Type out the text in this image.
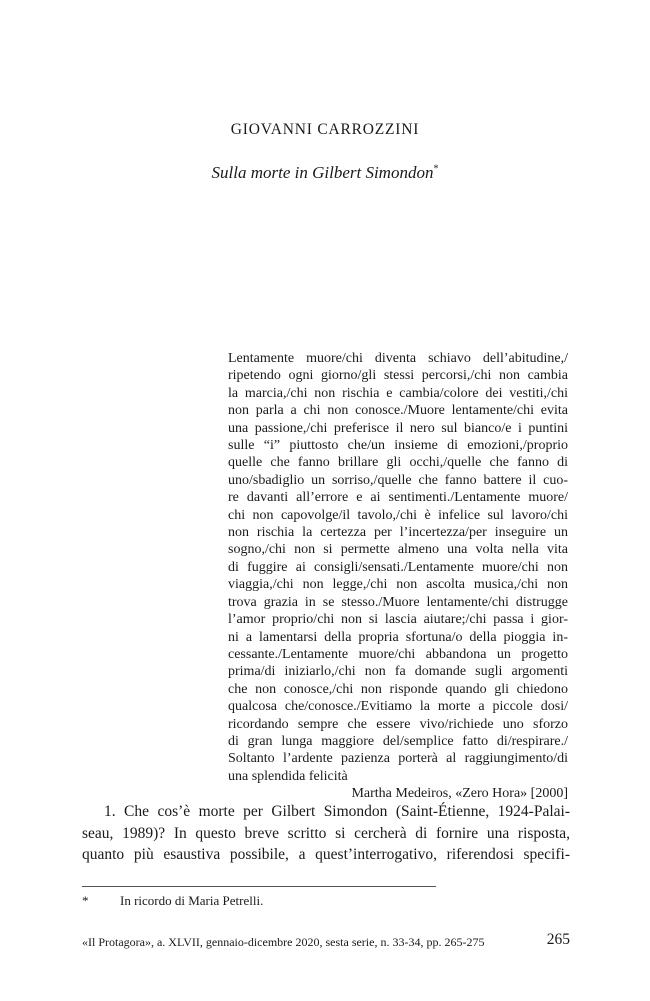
GIOVANNI CARROZZINI
Sulla morte in Gilbert Simondon*
Lentamente muore/chi diventa schiavo dell’abitudine,/
ripetendo ogni giorno/gli stessi percorsi,/chi non cambia
la marcia,/chi non rischia e cambia/colore dei vestiti,/chi
non parla a chi non conosce./Muore lentamente/chi evita
una passione,/chi preferisce il nero sul bianco/e i puntini
sulle “i” piuttosto che/un insieme di emozioni,/proprio
quelle che fanno brillare gli occhi,/quelle che fanno di
uno/sbadiglio un sorriso,/quelle che fanno battere il cuo-
re davanti all’errore e ai sentimenti./Lentamente muore/
chi non capovolge/il tavolo,/chi è infelice sul lavoro/chi
non rischia la certezza per l’incertezza/per inseguire un
sogno,/chi non si permette almeno una volta nella vita
di fuggire ai consigli/sensati./Lentamente muore/chi non
viaggia,/chi non legge,/chi non ascolta musica,/chi non
trova grazia in se stesso./Muore lentamente/chi distrugge
l’amor proprio/chi non si lascia aiutare;/chi passa i gior-
ni a lamentarsi della propria sfortuna/o della pioggia in-
cessante./Lentamente muore/chi abbandona un progetto
prima/di iniziarlo,/chi non fa domande sugli argomenti
che non conosce,/chi non risponde quando gli chiedono
qualcosa che/conosce./Evitiamo la morte a piccole dosi/
ricordando sempre che essere vivo/richiede uno sforzo
di gran lunga maggiore del/semplice fatto di/respirare./
Soltanto l’ardente pazienza porterà al raggiungimento/di
una splendida felicità
Martha Medeiros, «Zero Hora» [2000]
1. Che cos’è morte per Gilbert Simondon (Saint-Étienne, 1924-Palai-
seau, 1989)? In questo breve scritto si cercherà di fornire una risposta,
quanto più esaustiva possibile, a quest’interrogativo, riferendosi specifi-
* In ricordo di Maria Petrelli.
«Il Protagora», a. XLVII, gennaio-dicembre 2020, sesta serie, n. 33-34, pp. 265-275	265
